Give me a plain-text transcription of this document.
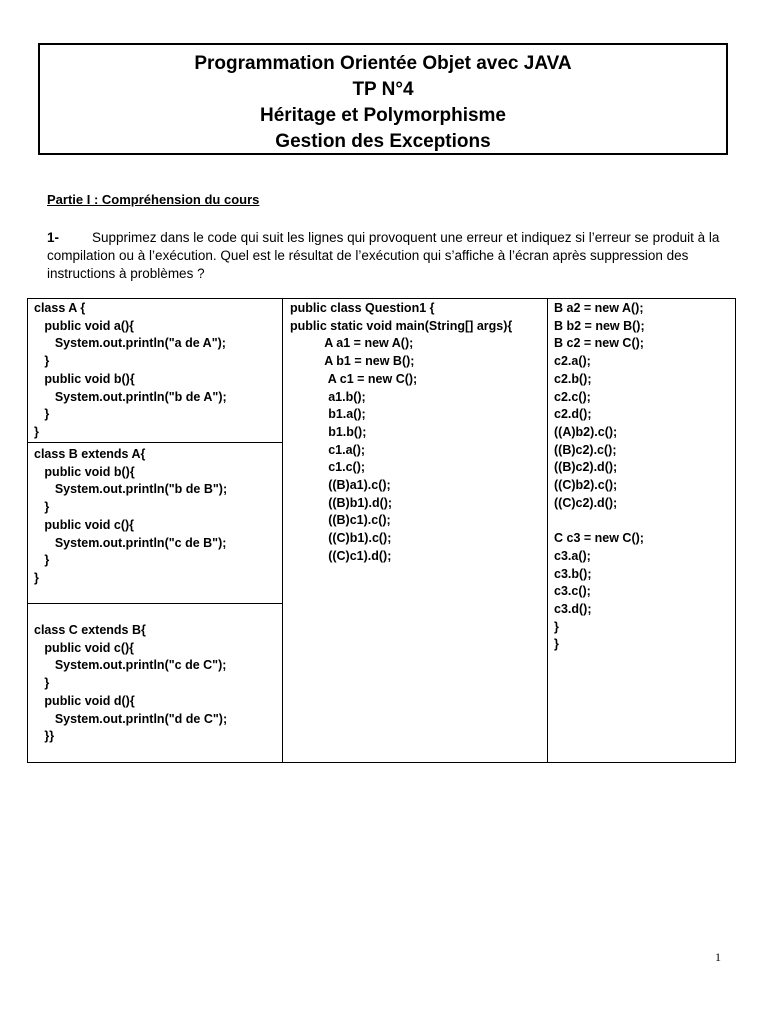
Programmation Orientée Objet avec JAVA
TP N°4
Héritage et Polymorphisme
Gestion des Exceptions
Partie I : Compréhension du cours
1- Supprimez dans le code qui suit les lignes qui provoquent une erreur et indiquez si l’erreur se produit à la compilation ou à l’exécution. Quel est le résultat de l’exécution qui s’affiche à l’écran après suppression des instructions à problèmes ?
class A {
public void a(){
System.out.println("a de A");
}
public void b(){
System.out.println("b de A");
}
}
class B extends A{
public void b(){
System.out.println("b de B");
}
public void c(){
System.out.println("c de B");
}
}
class C extends B{
public void c(){
System.out.println("c de C");
}
public void d(){
System.out.println("d de C");
}}
public class Question1 {
public static void main(String[] args){
A a1 = new A();
A b1 = new B();
A c1 = new C();
a1.b();
b1.a();
b1.b();
c1.a();
c1.c();
((B)a1).c();
((B)b1).d();
((B)c1).c();
((C)b1).c();
((C)c1).d();
B a2 = new A();
B b2 = new B();
B c2 = new C();
c2.a();
c2.b();
c2.c();
c2.d();
((A)b2).c();
((B)c2).c();
((B)c2).d();
((C)b2).c();
((C)c2).d();

C c3 = new C();
c3.a();
c3.b();
c3.c();
c3.d();
}
}
1
